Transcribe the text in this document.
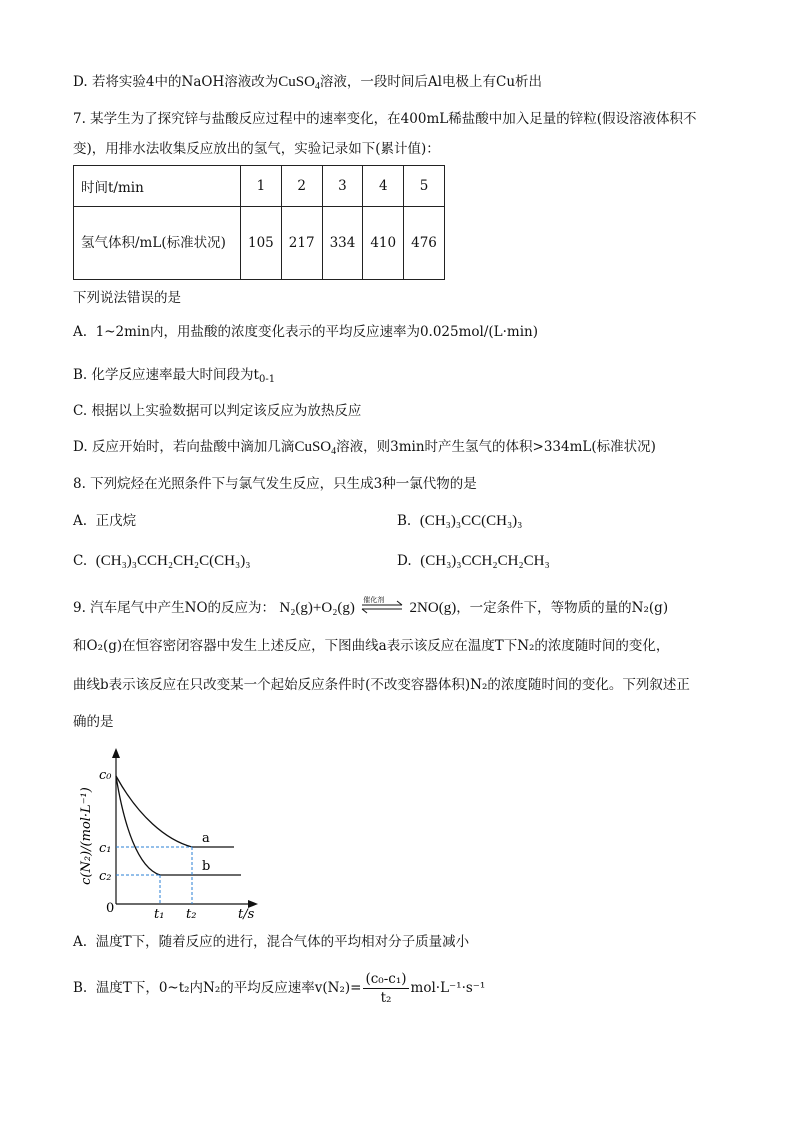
D. 若将实验4中的NaOH溶液改为CuSO$_4$溶液，一段时间后Al电极上有Cu析出
7. 某学生为了探究锌与盐酸反应过程中的速率变化，在400mL稀盐酸中加入足量的锌粒(假设溶液体积不
变)，用排水法收集反应放出的氢气，实验记录如下(累计值)：
时间t/min	1	2	3	4	5
氢气体积/mL(标准状况)	105	217	334	410	476
下列说法错误的是
A. 1~2min内，用盐酸的浓度变化表示的平均反应速率为0.025mol/(L·min)
B. 化学反应速率最大时间段为$t_{0-1}$
C. 根据以上实验数据可以判定该反应为放热反应
D. 反应开始时，若向盐酸中滴加几滴CuSO$_4$溶液，则3min时产生氢气的体积>334mL(标准状况)
8. 下列烷烃在光照条件下与氯气发生反应，只生成3种一氯代物的是
A. 正戊烷	B. (CH₃)₃CC(CH₃)₃
C. (CH₃)₃CCH₂CH₂C(CH₃)₃	D. (CH₃)₃CCH₂CH₂CH₃
9. 汽车尾气中产生NO的反应为： N₂(g)+O₂(g) 催化剂 2NO(g)，一定条件下，等物质的量的N₂(g)
和O₂(g)在恒容密闭容器中发生上述反应，下图曲线a表示该反应在温度T下N₂的浓度随时间的变化，
曲线b表示该反应在只改变某一个起始反应条件时(不改变容器体积)N₂的浓度随时间的变化。下列叙述正
确的是
c(N₂)/(mol·L⁻¹)
c₀
c₁
c₂
0	t₁ t₂	t/s
a
b
A. 温度T下，随着反应的进行，混合气体的平均相对分子质量减小
B. 温度T下，0~t₂内N₂的平均反应速率$v(N_2)= \frac{\text{(c₀-c₁)}}{\text{t₂}} mol\cdot L^{-1}\cdot s^{-1}$
